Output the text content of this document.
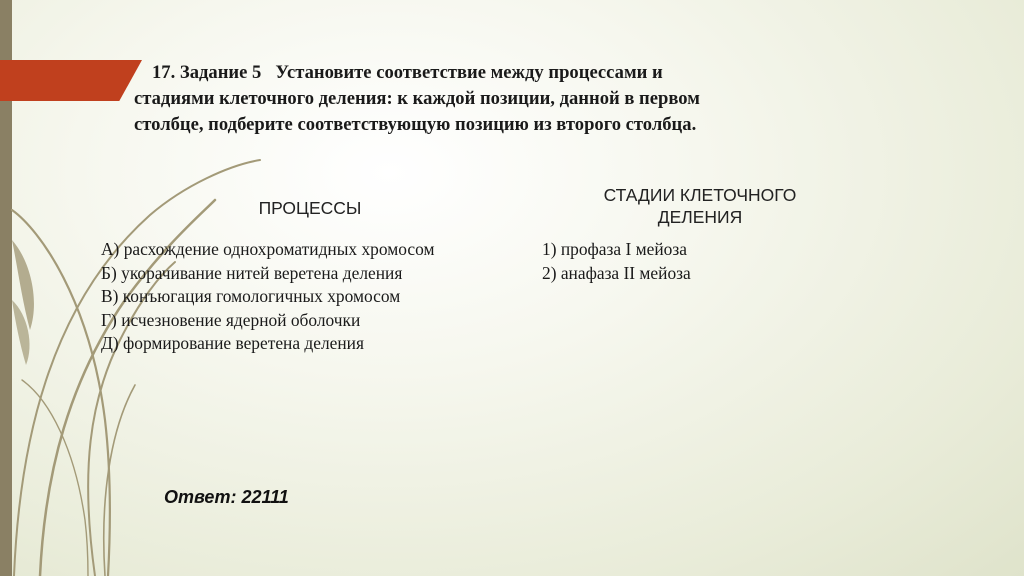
17. Задание 5 Установите соответствие между процессами и
стадиями клеточного деления: к каждой позиции, данной в первом
столбце, подберите соответствующую позицию из второго столбца.
ПРОЦЕССЫ
СТАДИИ КЛЕТОЧНОГО
ДЕЛЕНИЯ
А) расхождение однохроматидных хромосом
Б) укорачивание нитей веретена деления
В) конъюгация гомологичных хромосом
Г) исчезновение ядерной оболочки
Д) формирование веретена деления
1) профаза I мейоза
2) анафаза II мейоза
Ответ: 22111
